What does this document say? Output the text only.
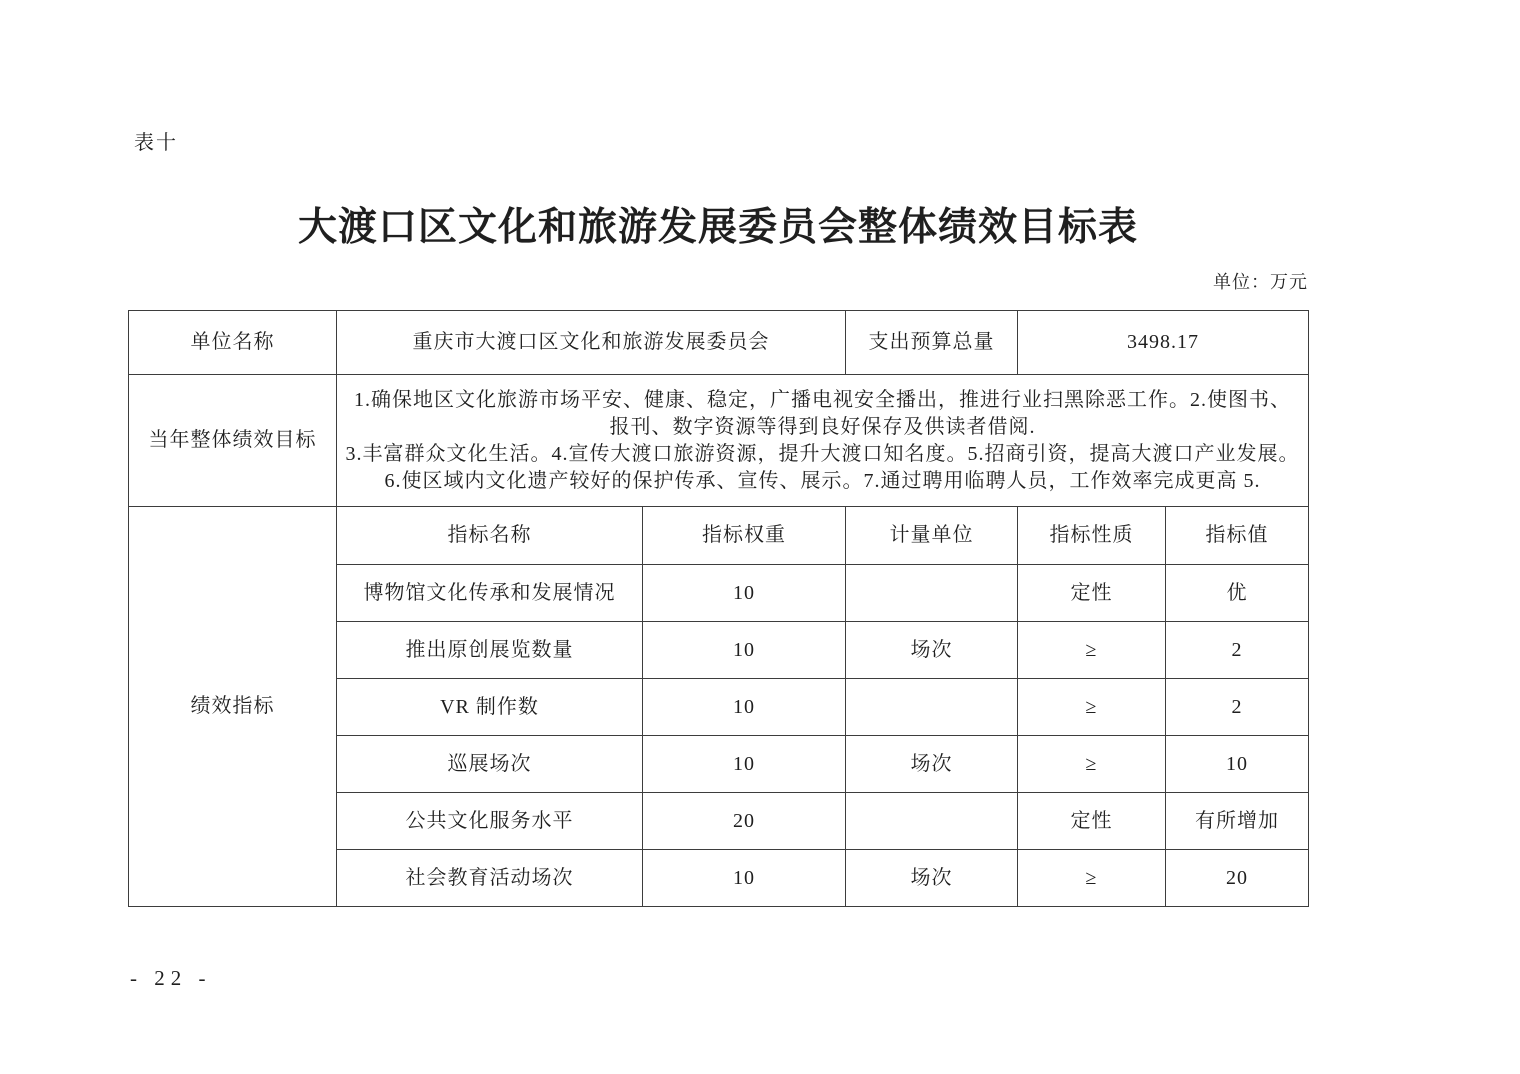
表十
大渡口区文化和旅游发展委员会整体绩效目标表
单位：万元
单位名称	重庆市大渡口区文化和旅游发展委员会		支出预算总量	3498.17	
当年整体绩效目标	1.确保地区文化旅游市场平安、健康、稳定，广播电视安全播出，推进行业扫黑除恶工作。2.使图书、报刊、数字资源等得到良好保存及供读者借阅.

3.丰富群众文化生活。4.宣传大渡口旅游资源，提升大渡口知名度。5.招商引资，提高大渡口产业发展。6.使区域内文化遗产较好的保护传承、宣传、展示。7.通过聘用临聘人员，工作效率完成更高 5.				

绩效指标	指标名称	指标权重	计量单位	指标性质	指标值
	博物馆文化传承和发展情况	10		定性	优
	推出原创展览数量	10	场次	≥	2
	VR 制作数	10		≥	2
	巡展场次	10	场次	≥	10
	公共文化服务水平	20		定性	有所增加
	社会教育活动场次	10	场次	≥	20
- 22 -
